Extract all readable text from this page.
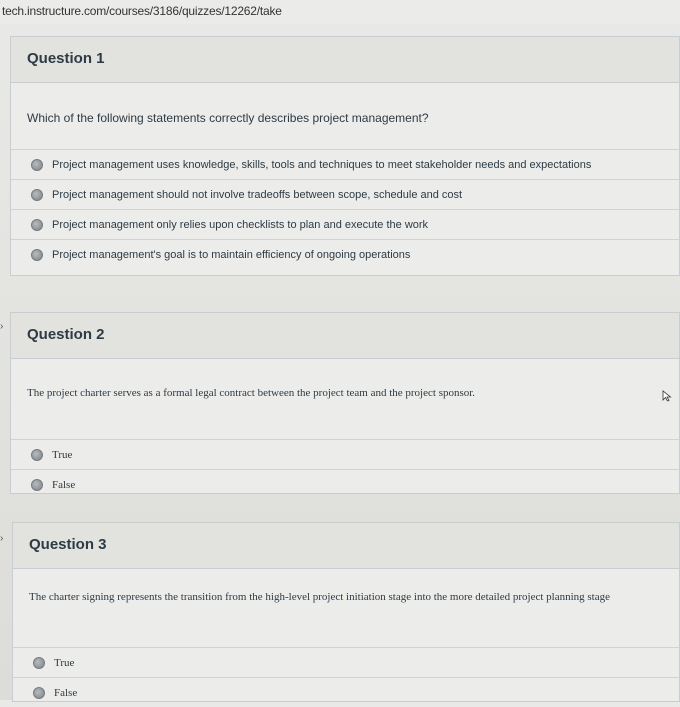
tech.instructure.com/courses/3186/quizzes/12262/take
Question 1
Which of the following statements correctly describes project management?
Project management uses knowledge, skills, tools and techniques to meet stakeholder needs and expectations
Project management should not involve tradeoffs between scope, schedule and cost
Project management only relies upon checklists to plan and execute the work
Project management's goal is to maintain efficiency of ongoing operations
›	Question 2
The project charter serves as a formal legal contract between the project team and the project sponsor.
True
False
›	Question 3
The charter signing represents the transition from the high-level project initiation stage into the more detailed project planning stage
True
False
